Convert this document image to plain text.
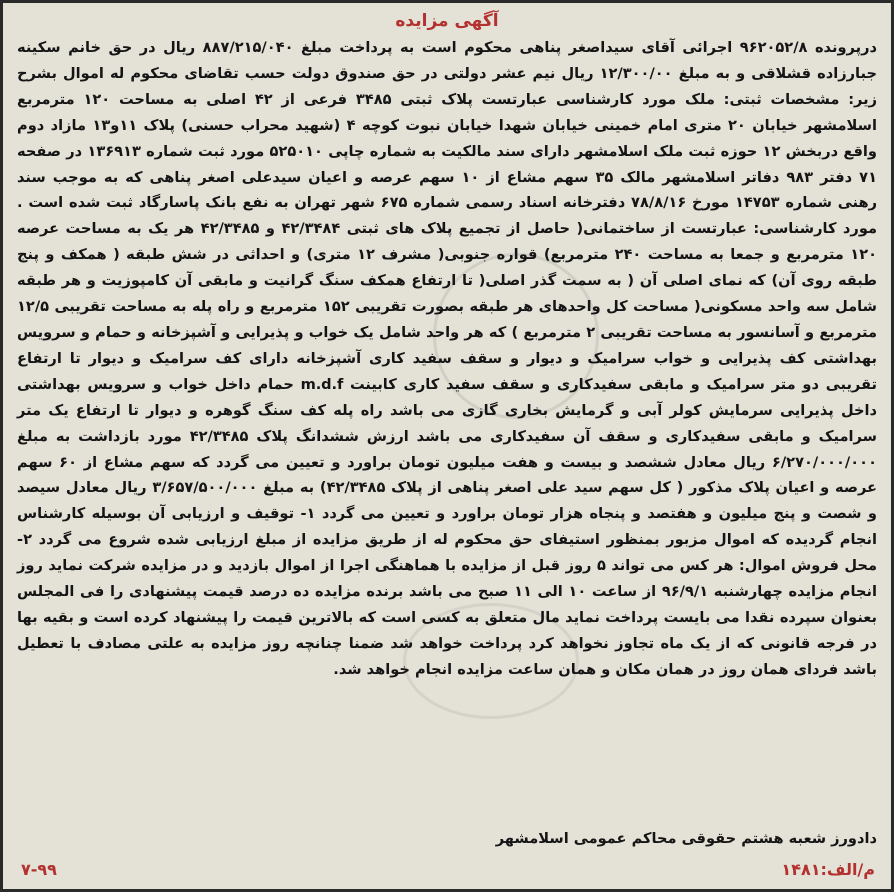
آگهی مزایده

درپرونده ۹۶۲۰۵۲/۸ اجرائی آقای سیداصغر پناهی محکوم است به پرداخت مبلغ ۸۸۷/۲۱۵/۰۴۰ ریال در حق خانم سکینه جبارزاده قشلاقی و به مبلغ ۱۲/۳۰۰/۰۰ ریال نیم عشر دولتی در حق صندوق دولت حسب تقاضای محکوم له اموال بشرح زیر: مشخصات ثبتی: ملک مورد کارشناسی عبارتست پلاک ثبتی ۳۴۸۵ فرعی از ۴۲ اصلی به مساحت ۱۲۰ مترمربع اسلامشهر خیابان ۲۰ متری امام خمینی خیابان شهدا خیابان نبوت کوچه ۴ (شهید محراب حسنی) پلاک ۱۱و۱۳ مازاد دوم واقع دربخش ۱۲ حوزه ثبت ملک اسلامشهر دارای سند مالکیت به شماره چاپی ۵۲۵۰۱۰ مورد ثبت شماره ۱۳۶۹۱۳ در صفحه ۷۱ دفتر ۹۸۳ دفاتر اسلامشهر مالک ۳۵ سهم مشاع از ۱۰ سهم عرصه و اعیان سیدعلی اصغر پناهی که به موجب سند رهنی شماره ۱۴۷۵۳ مورخ ۷۸/۸/۱۶ دفترخانه اسناد رسمی شماره ۶۷۵ شهر تهران به نفع بانک پاسارگاد ثبت شده است . مورد کارشناسی: عبارتست از ساختمانی( حاصل از تجمیع پلاک های ثبتی ۴۲/۳۴۸۴ و ۴۲/۳۴۸۵ هر یک به مساحت عرصه ۱۲۰ مترمربع و جمعا به مساحت ۲۴۰ مترمربع) قواره جنوبی( مشرف ۱۲ متری) و احداثی در شش طبقه ( همکف و پنج طبقه روی آن) که نمای اصلی آن ( به سمت گذر اصلی( تا ارتفاع همکف سنگ گرانیت و مابقی آن کامپوزیت و هر طبقه شامل سه واحد مسکونی( مساحت کل واحدهای هر طبقه بصورت تقریبی ۱۵۲ مترمربع و راه پله به مساحت تقریبی ۱۲/۵ مترمربع و آسانسور به مساحت تقریبی ۲ مترمربع ) که هر واحد شامل یک خواب و پذیرایی و آشپزخانه و حمام و سرویس بهداشتی کف پذیرایی و خواب سرامیک و دیوار و سقف سفید کاری آشپزخانه دارای کف سرامیک و دیوار تا ارتفاع تقریبی دو متر سرامیک و مابقی سفیدکاری و سقف سفید کاری کابینت m.d.f حمام داخل خواب و سرویس بهداشتی داخل پذیرایی سرمایش کولر آبی و گرمایش بخاری گازی می باشد راه پله کف سنگ گوهره و دیوار تا ارتفاع یک متر سرامیک و مابقی سفیدکاری و سقف آن سفیدکاری می باشد ارزش ششدانگ پلاک ۴۲/۳۴۸۵ مورد بازداشت به مبلغ ۶/۲۷۰/۰۰۰/۰۰۰ ریال معادل ششصد و بیست و هفت میلیون تومان براورد و تعیین می گردد که سهم مشاع از ۶۰ سهم عرصه و اعیان پلاک مذکور ( کل سهم سید علی اصغر پناهی از پلاک ۴۲/۳۴۸۵) به مبلغ ۳/۶۵۷/۵۰۰/۰۰۰ ریال معادل سیصد و شصت و پنج میلیون و هفتصد و پنجاه هزار تومان براورد و تعیین می گردد ۱- توقیف و ارزیابی آن بوسیله کارشناس انجام گردیده که اموال مزبور بمنظور استیفای حق محکوم له از طریق مزایده از مبلغ ارزیابی شده شروع می گردد ۲- محل فروش اموال: هر کس می تواند ۵ روز قبل از مزایده با هماهنگی اجرا از اموال بازدید و در مزایده شرکت نماید روز انجام مزایده چهارشنبه ۹۶/۹/۱ از ساعت ۱۰ الی ۱۱ صبح می باشد برنده مزایده ده درصد قیمت پیشنهادی را فی المجلس بعنوان سپرده نقدا می بایست پرداخت نماید مال متعلق به کسی است که بالاترین قیمت را پیشنهاد کرده است و بقیه بها در فرجه قانونی که از یک ماه تجاوز نخواهد کرد پرداخت خواهد شد ضمنا چنانچه روز مزایده به علتی مصادف با تعطیل باشد فردای همان روز در همان مکان و همان ساعت مزایده انجام خواهد شد.

دادورز شعبه هشتم حقوقی محاکم عمومی اسلامشهر
م/الف:۱۴۸۱
۷-۹۹
